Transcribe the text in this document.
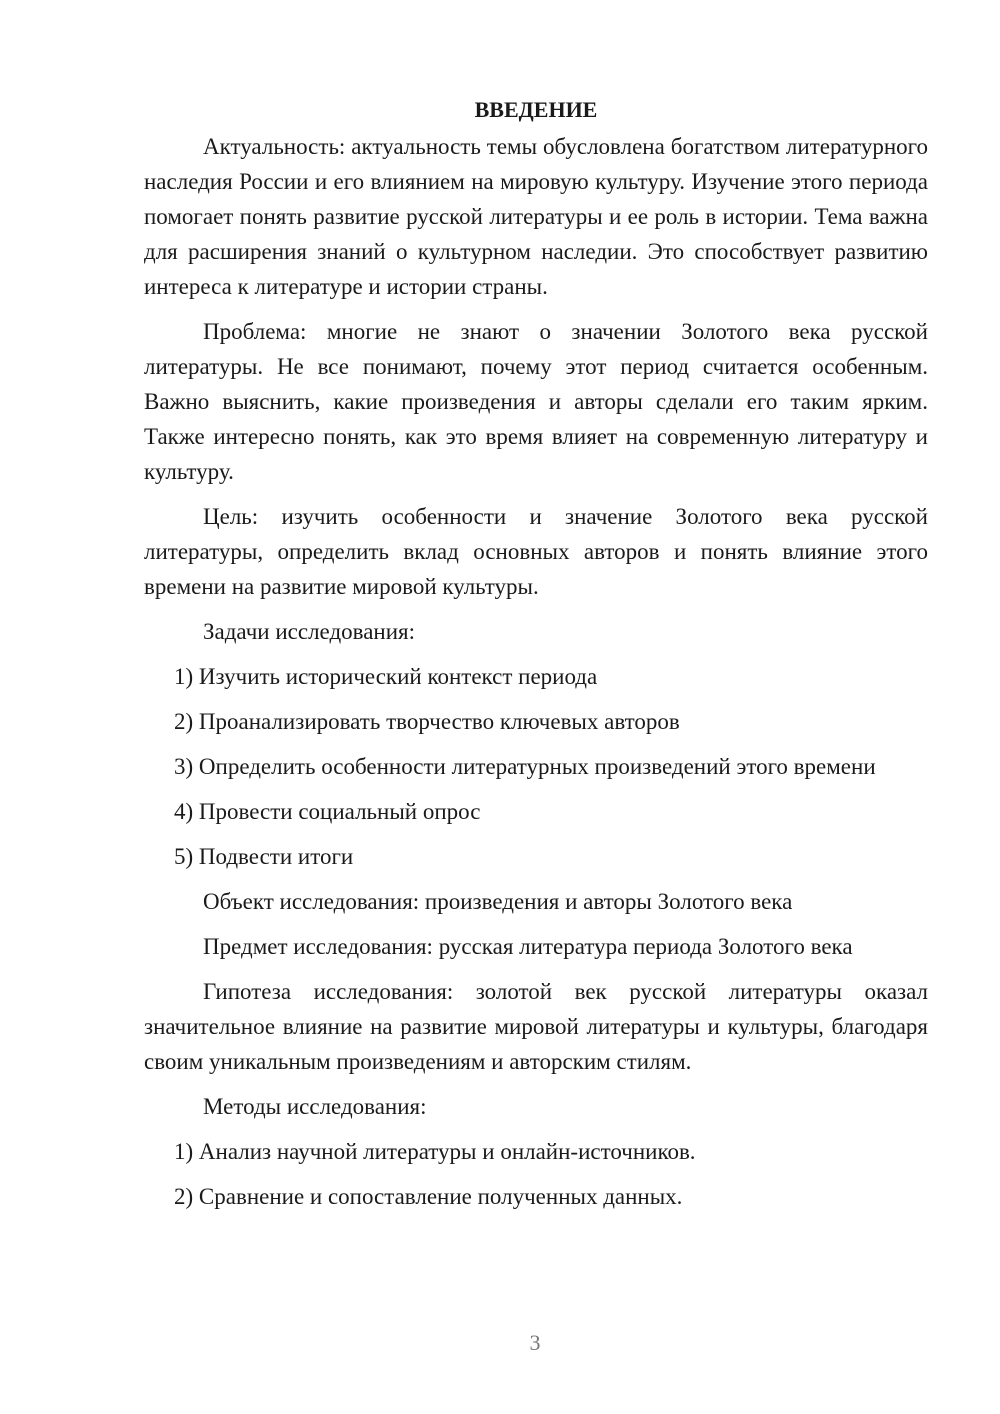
ВВЕДЕНИЕ

Актуальность: актуальность темы обусловлена богатством литературного наследия России и его влиянием на мировую культуру. Изучение этого периода помогает понять развитие русской литературы и ее роль в истории. Тема важна для расширения знаний о культурном наследии. Это способствует развитию интереса к литературе и истории страны.

Проблема: многие не знают о значении Золотого века русской литературы. Не все понимают, почему этот период считается особенным. Важно выяснить, какие произведения и авторы сделали его таким ярким. Также интересно понять, как это время влияет на современную литературу и культуру.

Цель: изучить особенности и значение Золотого века русской литературы, определить вклад основных авторов и понять влияние этого времени на развитие мировой культуры.

Задачи исследования:

1) Изучить исторический контекст периода

2) Проанализировать творчество ключевых авторов

3) Определить особенности литературных произведений этого времени

4) Провести социальный опрос

5) Подвести итоги

Объект исследования: произведения и авторы Золотого века

Предмет исследования: русская литература периода Золотого века

Гипотеза исследования: золотой век русской литературы оказал значительное влияние на развитие мировой литературы и культуры, благодаря своим уникальным произведениям и авторским стилям.

Методы исследования:

1) Анализ научной литературы и онлайн-источников.

2) Сравнение и сопоставление полученных данных.

3
